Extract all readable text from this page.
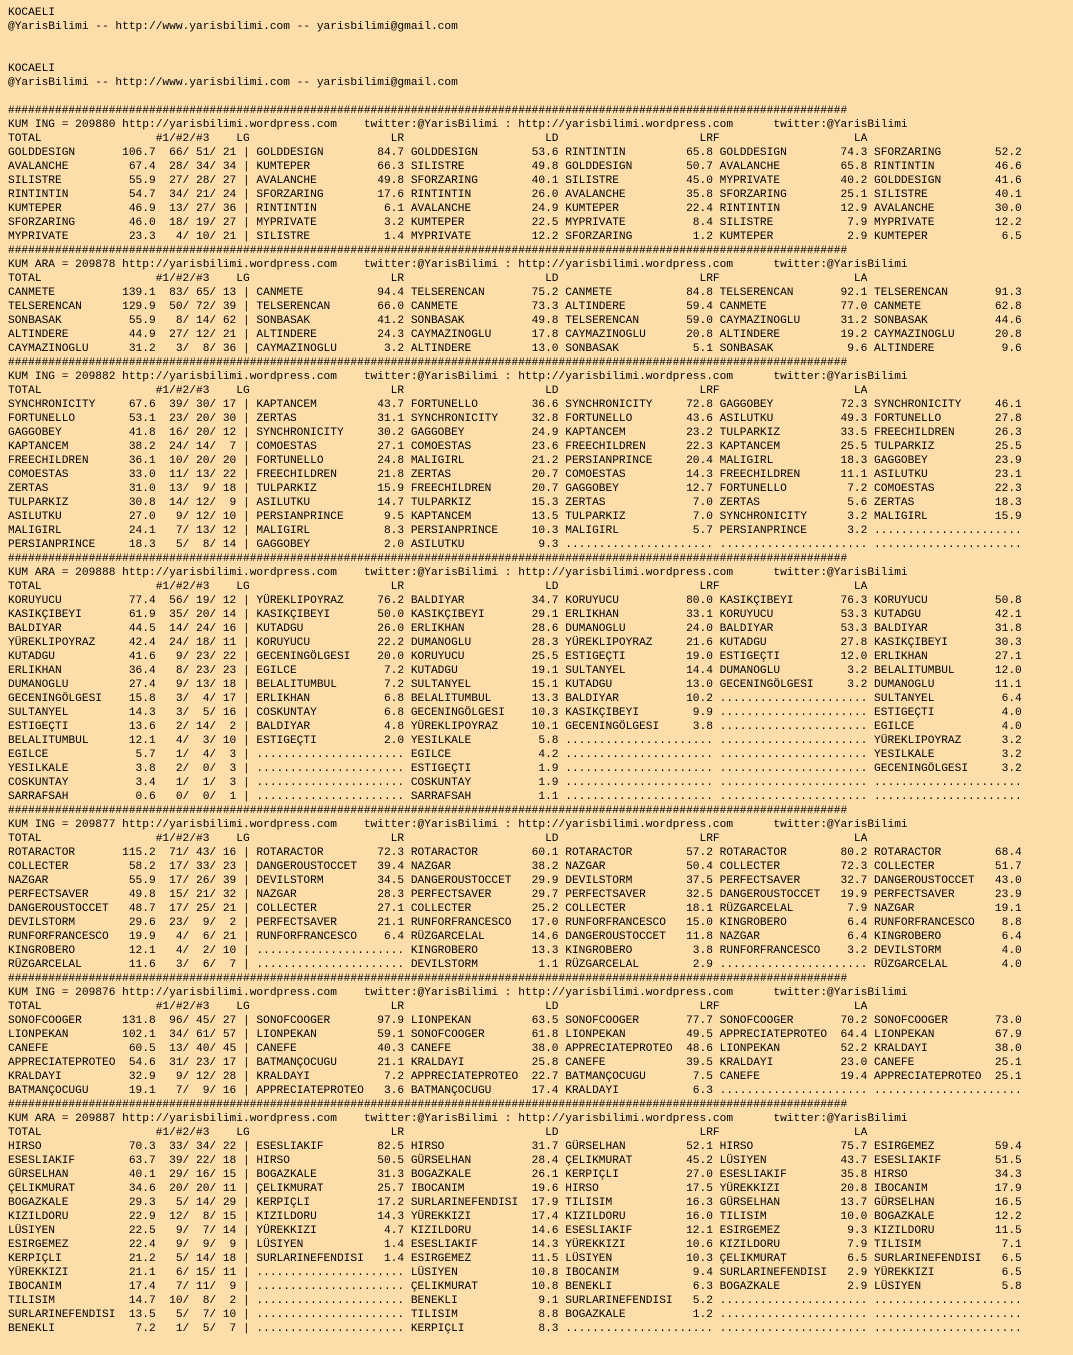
KOCAELI
@YarisBilimi -- http://www.yarisbilimi.com -- yarisbilimi@gmail.com

KOCAELI
@YarisBilimi -- http://www.yarisbilimi.com -- yarisbilimi@gmail.com

#############################################################################################################################
KUM ING = 209880 http://yarisbilimi.wordpress.com    twitter:@YarisBilimi : http://yarisbilimi.wordpress.com      twitter:@YarisBilimi
TOTAL                 #1/#2/#3    LG                     LR                     LD                     LRF                    LA
GOLDDESIGN       106.7  66/ 51/ 21 | GOLDDESIGN        84.7 GOLDDESIGN        53.6 RINTINTIN         65.8 GOLDDESIGN        74.3 SFORZARING        52.2
AVALANCHE         67.4  28/ 34/ 34 | KUMTEPER          66.3 SILISTRE          49.8 GOLDDESIGN        50.7 AVALANCHE         65.8 RINTINTIN         46.6
SILISTRE          55.9  27/ 28/ 27 | AVALANCHE         49.8 SFORZARING        40.1 SILISTRE          45.0 MYPRIVATE         40.2 GOLDDESIGN        41.6
RINTINTIN         54.7  34/ 21/ 24 | SFORZARING        17.6 RINTINTIN         26.0 AVALANCHE         35.8 SFORZARING        25.1 SILISTRE          40.1
KUMTEPER          46.9  13/ 27/ 36 | RINTINTIN          6.1 AVALANCHE         24.9 KUMTEPER          22.4 RINTINTIN         12.9 AVALANCHE         30.0
SFORZARING        46.0  18/ 19/ 27 | MYPRIVATE          3.2 KUMTEPER          22.5 MYPRIVATE          8.4 SILISTRE           7.9 MYPRIVATE         12.2
MYPRIVATE         23.3   4/ 10/ 21 | SILISTRE           1.4 MYPRIVATE         12.2 SFORZARING         1.2 KUMTEPER           2.9 KUMTEPER           6.5
#############################################################################################################################
KUM ARA = 209878 http://yarisbilimi.wordpress.com    twitter:@YarisBilimi : http://yarisbilimi.wordpress.com      twitter:@YarisBilimi
TOTAL                 #1/#2/#3    LG                     LR                     LD                     LRF                    LA
CANMETE          139.1  83/ 65/ 13 | CANMETE           94.4 TELSERENCAN       75.2 CANMETE           84.8 TELSERENCAN       92.1 TELSERENCAN       91.3
TELSERENCAN      129.9  50/ 72/ 39 | TELSERENCAN       66.0 CANMETE           73.3 ALTINDERE         59.4 CANMETE           77.0 CANMETE           62.8
SONBASAK          55.9   8/ 14/ 62 | SONBASAK          41.2 SONBASAK          49.8 TELSERENCAN       59.0 CAYMAZINOGLU      31.2 SONBASAK          44.6
ALTINDERE         44.9  27/ 12/ 21 | ALTINDERE         24.3 CAYMAZINOGLU      17.8 CAYMAZINOGLU      20.8 ALTINDERE         19.2 CAYMAZINOGLU      20.8
CAYMAZINOGLU      31.2   3/  8/ 36 | CAYMAZINOGLU       3.2 ALTINDERE         13.0 SONBASAK           5.1 SONBASAK           9.6 ALTINDERE          9.6
#############################################################################################################################
KUM ING = 209882 http://yarisbilimi.wordpress.com    twitter:@YarisBilimi : http://yarisbilimi.wordpress.com      twitter:@YarisBilimi
TOTAL                 #1/#2/#3    LG                     LR                     LD                     LRF                    LA
SYNCHRONICITY     67.6  39/ 30/ 17 | KAPTANCEM         43.7 FORTUNELLO        36.6 SYNCHRONICITY     72.8 GAGGOBEY          72.3 SYNCHRONICITY     46.1
FORTUNELLO        53.1  23/ 20/ 30 | ZERTAS            31.1 SYNCHRONICITY     32.8 FORTUNELLO        43.6 ASILUTKU          49.3 FORTUNELLO        27.8
GAGGOBEY          41.8  16/ 20/ 12 | SYNCHRONICITY     30.2 GAGGOBEY          24.9 KAPTANCEM         23.2 TULPARKIZ         33.5 FREECHILDREN      26.3
KAPTANCEM         38.2  24/ 14/  7 | COMOESTAS         27.1 COMOESTAS         23.6 FREECHILDREN      22.3 KAPTANCEM         25.5 TULPARKIZ         25.5
FREECHILDREN      36.1  10/ 20/ 20 | FORTUNELLO        24.8 MALIGIRL          21.2 PERSIANPRINCE     20.4 MALIGIRL          18.3 GAGGOBEY          23.9
COMOESTAS         33.0  11/ 13/ 22 | FREECHILDREN      21.8 ZERTAS            20.7 COMOESTAS         14.3 FREECHILDREN      11.1 ASILUTKU          23.1
ZERTAS            31.0  13/  9/ 18 | TULPARKIZ         15.9 FREECHILDREN      20.7 GAGGOBEY          12.7 FORTUNELLO         7.2 COMOESTAS         22.3
TULPARKIZ         30.8  14/ 12/  9 | ASILUTKU          14.7 TULPARKIZ         15.3 ZERTAS             7.0 ZERTAS             5.6 ZERTAS            18.3
ASILUTKU          27.0   9/ 12/ 10 | PERSIANPRINCE      9.5 KAPTANCEM         13.5 TULPARKIZ          7.0 SYNCHRONICITY      3.2 MALIGIRL          15.9
MALIGIRL          24.1   7/ 13/ 12 | MALIGIRL           8.3 PERSIANPRINCE     10.3 MALIGIRL           5.7 PERSIANPRINCE      3.2 ......................
PERSIANPRINCE     18.3   5/  8/ 14 | GAGGOBEY           2.0 ASILUTKU           9.3 ...................... ...................... ......................
#############################################################################################################################
KUM ARA = 209888 http://yarisbilimi.wordpress.com    twitter:@YarisBilimi : http://yarisbilimi.wordpress.com      twitter:@YarisBilimi
TOTAL                 #1/#2/#3    LG                     LR                     LD                     LRF                    LA
KORUYUCU          77.4  56/ 19/ 12 | YÜREKLIPOYRAZ     76.2 BALDIYAR          34.7 KORUYUCU          80.0 KASIKÇIBEYI       76.3 KORUYUCU          50.8
KASIKÇIBEYI       61.9  35/ 20/ 14 | KASIKÇIBEYI       50.0 KASIKÇIBEYI       29.1 ERLIKHAN          33.1 KORUYUCU          53.3 KUTADGU           42.1
BALDIYAR          44.5  14/ 24/ 16 | KUTADGU           26.0 ERLIKHAN          28.6 DUMANOGLU         24.0 BALDIYAR          53.3 BALDIYAR          31.8
YÜREKLIPOYRAZ     42.4  24/ 18/ 11 | KORUYUCU          22.2 DUMANOGLU         28.3 YÜREKLIPOYRAZ     21.6 KUTADGU           27.8 KASIKÇIBEYI       30.3
KUTADGU           41.6   9/ 23/ 22 | GECENINGÖLGESI    20.0 KORUYUCU          25.5 ESTIGEÇTI         19.0 ESTIGEÇTI         12.0 ERLIKHAN          27.1
ERLIKHAN          36.4   8/ 23/ 23 | EGILCE             7.2 KUTADGU           19.1 SULTANYEL         14.4 DUMANOGLU          3.2 BELALITUMBUL      12.0
DUMANOGLU         27.4   9/ 13/ 18 | BELALITUMBUL       7.2 SULTANYEL         15.1 KUTADGU           13.0 GECENINGÖLGESI     3.2 DUMANOGLU         11.1
GECENINGÖLGESI    15.8   3/  4/ 17 | ERLIKHAN           6.8 BELALITUMBUL      13.3 BALDIYAR          10.2 ...................... SULTANYEL          6.4
SULTANYEL         14.3   3/  5/ 16 | COSKUNTAY          6.8 GECENINGÖLGESI    10.3 KASIKÇIBEYI        9.9 ...................... ESTIGEÇTI          4.0
ESTIGEÇTI         13.6   2/ 14/  2 | BALDIYAR           4.8 YÜREKLIPOYRAZ     10.1 GECENINGÖLGESI     3.8 ...................... EGILCE             4.0
BELALITUMBUL      12.1   4/  3/ 10 | ESTIGEÇTI          2.0 YESILKALE          5.8 ...................... ...................... YÜREKLIPOYRAZ      3.2
EGILCE             5.7   1/  4/  3 | ...................... EGILCE             4.2 ...................... ...................... YESILKALE          3.2
YESILKALE          3.8   2/  0/  3 | ...................... ESTIGEÇTI          1.9 ...................... ...................... GECENINGÖLGESI     3.2
COSKUNTAY          3.4   1/  1/  3 | ...................... COSKUNTAY          1.9 ...................... ...................... ......................
SARRAFSAH          0.6   0/  0/  1 | ...................... SARRAFSAH          1.1 ...................... ...................... ......................
#############################################################################################################################
KUM ING = 209877 http://yarisbilimi.wordpress.com    twitter:@YarisBilimi : http://yarisbilimi.wordpress.com      twitter:@YarisBilimi
TOTAL                 #1/#2/#3    LG                     LR                     LD                     LRF                    LA
ROTARACTOR       115.2  71/ 43/ 16 | ROTARACTOR        72.3 ROTARACTOR        60.1 ROTARACTOR        57.2 ROTARACTOR        80.2 ROTARACTOR        68.4
COLLECTER         58.2  17/ 33/ 23 | DANGEROUSTOCCET   39.4 NAZGAR            38.2 NAZGAR            50.4 COLLECTER         72.3 COLLECTER         51.7
NAZGAR            55.9  17/ 26/ 39 | DEVILSTORM        34.5 DANGEROUSTOCCET   29.9 DEVILSTORM        37.5 PERFECTSAVER      32.7 DANGEROUSTOCCET   43.0
PERFECTSAVER      49.8  15/ 21/ 32 | NAZGAR            28.3 PERFECTSAVER      29.7 PERFECTSAVER      32.5 DANGEROUSTOCCET   19.9 PERFECTSAVER      23.9
DANGEROUSTOCCET   48.7  17/ 25/ 21 | COLLECTER         27.1 COLLECTER         25.2 COLLECTER         18.1 RÜZGARCELAL        7.9 NAZGAR            19.1
DEVILSTORM        29.6  23/  9/  2 | PERFECTSAVER      21.1 RUNFORFRANCESCO   17.0 RUNFORFRANCESCO   15.0 KINGROBERO         6.4 RUNFORFRANCESCO    8.8
RUNFORFRANCESCO   19.9   4/  6/ 21 | RUNFORFRANCESCO    6.4 RÜZGARCELAL       14.6 DANGEROUSTOCCET   11.8 NAZGAR             6.4 KINGROBERO         6.4
KINGROBERO        12.1   4/  2/ 10 | ...................... KINGROBERO        13.3 KINGROBERO         3.8 RUNFORFRANCESCO    3.2 DEVILSTORM         4.0
RÜZGARCELAL       11.6   3/  6/  7 | ...................... DEVILSTORM         1.1 RÜZGARCELAL        2.9 ...................... RÜZGARCELAL        4.0
#############################################################################################################################
KUM ING = 209876 http://yarisbilimi.wordpress.com    twitter:@YarisBilimi : http://yarisbilimi.wordpress.com      twitter:@YarisBilimi
TOTAL                 #1/#2/#3    LG                     LR                     LD                     LRF                    LA
SONOFCOOGER      131.8  96/ 45/ 27 | SONOFCOOGER       97.9 LIONPEKAN         63.5 SONOFCOOGER       77.7 SONOFCOOGER       70.2 SONOFCOOGER       73.0
LIONPEKAN        102.1  34/ 61/ 57 | LIONPEKAN         59.1 SONOFCOOGER       61.8 LIONPEKAN         49.5 APPRECIATEPROTEO  64.4 LIONPEKAN         67.9
CANEFE            60.5  13/ 40/ 45 | CANEFE            40.3 CANEFE            38.0 APPRECIATEPROTEO  48.6 LIONPEKAN         52.2 KRALDAYI          38.0
APPRECIATEPROTEO  54.6  31/ 23/ 17 | BATMANÇOCUGU      21.1 KRALDAYI          25.8 CANEFE            39.5 KRALDAYI          23.0 CANEFE            25.1
KRALDAYI          32.9   9/ 12/ 28 | KRALDAYI           7.2 APPRECIATEPROTEO  22.7 BATMANÇOCUGU       7.5 CANEFE            19.4 APPRECIATEPROTEO  25.1
BATMANÇOCUGU      19.1   7/  9/ 16 | APPRECIATEPROTEO   3.6 BATMANÇOCUGU      17.4 KRALDAYI           6.3 ...................... ......................
#############################################################################################################################
KUM ARA = 209887 http://yarisbilimi.wordpress.com    twitter:@YarisBilimi : http://yarisbilimi.wordpress.com      twitter:@YarisBilimi
TOTAL                 #1/#2/#3    LG                     LR                     LD                     LRF                    LA
HIRSO             70.3  33/ 34/ 22 | ESESLIAKIF        82.5 HIRSO             31.7 GÜRSELHAN         52.1 HIRSO             75.7 ESIRGEMEZ         59.4
ESESLIAKIF        63.7  39/ 22/ 18 | HIRSO             50.5 GÜRSELHAN         28.4 ÇELIKMURAT        45.2 LÜSIYEN           43.7 ESESLIAKIF        51.5
GÜRSELHAN         40.1  29/ 16/ 15 | BOGAZKALE         31.3 BOGAZKALE         26.1 KERPIÇLI          27.0 ESESLIAKIF        35.8 HIRSO             34.3
ÇELIKMURAT        34.6  20/ 20/ 11 | ÇELIKMURAT        25.7 IBOCANIM          19.6 HIRSO             17.5 YÜREKKIZI         20.8 IBOCANIM          17.9
BOGAZKALE         29.3   5/ 14/ 29 | KERPIÇLI          17.2 SURLARINEFENDISI  17.9 TILISIM           16.3 GÜRSELHAN         13.7 GÜRSELHAN         16.5
KIZILDORU         22.9  12/  8/ 15 | KIZILDORU         14.3 YÜREKKIZI         17.4 KIZILDORU         16.0 TILISIM           10.0 BOGAZKALE         12.2
LÜSIYEN           22.5   9/  7/ 14 | YÜREKKIZI          4.7 KIZILDORU         14.6 ESESLIAKIF        12.1 ESIRGEMEZ          9.3 KIZILDORU         11.5
ESIRGEMEZ         22.4   9/  9/  9 | LÜSIYEN            1.4 ESESLIAKIF        14.3 YÜREKKIZI         10.6 KIZILDORU          7.9 TILISIM            7.1
KERPIÇLI          21.2   5/ 14/ 18 | SURLARINEFENDISI   1.4 ESIRGEMEZ         11.5 LÜSIYEN           10.3 ÇELIKMURAT         6.5 SURLARINEFENDISI   6.5
YÜREKKIZI         21.1   6/ 15/ 11 | ...................... LÜSIYEN           10.8 IBOCANIM           9.4 SURLARINEFENDISI   2.9 YÜREKKIZI          6.5
IBOCANIM          17.4   7/ 11/  9 | ...................... ÇELIKMURAT        10.8 BENEKLI            6.3 BOGAZKALE          2.9 LÜSIYEN            5.8
TILISIM           14.7  10/  8/  2 | ...................... BENEKLI            9.1 SURLARINEFENDISI   5.2 ...................... ......................
SURLARINEFENDISI  13.5   5/  7/ 10 | ...................... TILISIM            8.8 BOGAZKALE          1.2 ...................... ......................
BENEKLI            7.2   1/  5/  7 | ...................... KERPIÇLI           8.3 ...................... ...................... ......................
